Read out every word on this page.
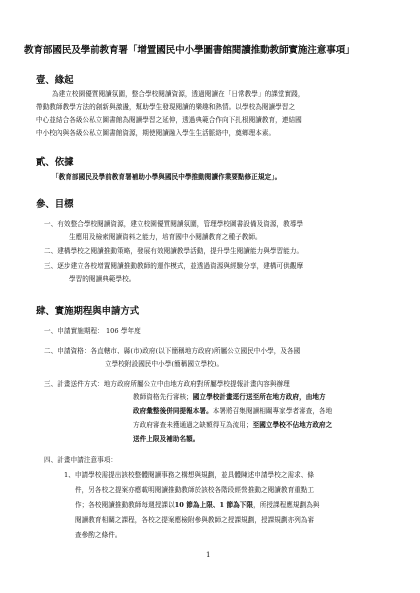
教育部國民及學前教育署「增置國民中小學圖書館閱讀推動教師實施注意事項」
壹、緣起
為建立校園優質閱讀氛圍，整合學校閱讀資源，透過閱讀在「日常教學」的課堂實踐，
帶動教師教學方法的創新與激盪，幫助學生發現閱讀的樂趣和熱情。以學校為閱讀學習之
中心並結合各級公私立圖書館為閱讀學習之延伸，透過典範合作向下扎根閱讀教育，連結國
中小校內與各級公私立圖書館資源，期使閱讀融入學生生活脈絡中，奠鄉理本素。
貳、依據
「教育部國民及學前教育署補助小學與國民中學推動閱讀作業要點修正規定」。
參、目標
一、有效整合學校閱讀資源，建立校園優質閱讀氛圍，管理學校圖書設備及資源，教導學
生應用及檢索閱讀資料之能力，培育國中小閱讀教育之種子教師。
二、建構學校之閱讀推動策略，發展有效閱讀教學活動，提升學生閱讀能力與學習能力。
三、逐步建立各校增置閱讀推動教師的運作模式，並透過資源與經驗分享，建構可供觀摩
學習的閱讀典範學校。
肆、實施期程與申請方式
一、申請實施期程： 106 學年度
二、申請資格：各直轄市、縣(市)政府(以下簡稱地方政府)所屬公立國民中小學，及各國
立學校附設國民中小學(簡稱國立學校)。
三、計畫送件方式：地方政府所屬公立中由地方政府對所屬學校提報計畫內容與辦理
教師資格先行審核；國立學校計畫逕行送至所在地方政府，由地方
政府彙整後併同提報本署。本署將召集閱讀相關專家學者審查，各地
方政府審查未獲通過之缺額得互為流用；至國立學校不佔地方政府之
送件上限及補助名額。
四、計畫申請注意事項：
1、申請學校需提出該校整體閱讀事務之構想與規劃，並具體陳述申請學校之需求、條
件，另各校之提案亦應載明閱讀推動教師於該校各階段經營推動之閱讀教育重點工
作；各校閱讀推動教師每週授課以10 節為上限、1 節為下限，所授課程應規劃為與
閱讀教育相關之課程，各校之提案應檢附參與教師之授課規劃，授課規劃亦列為審
查參酌之條件。
1
